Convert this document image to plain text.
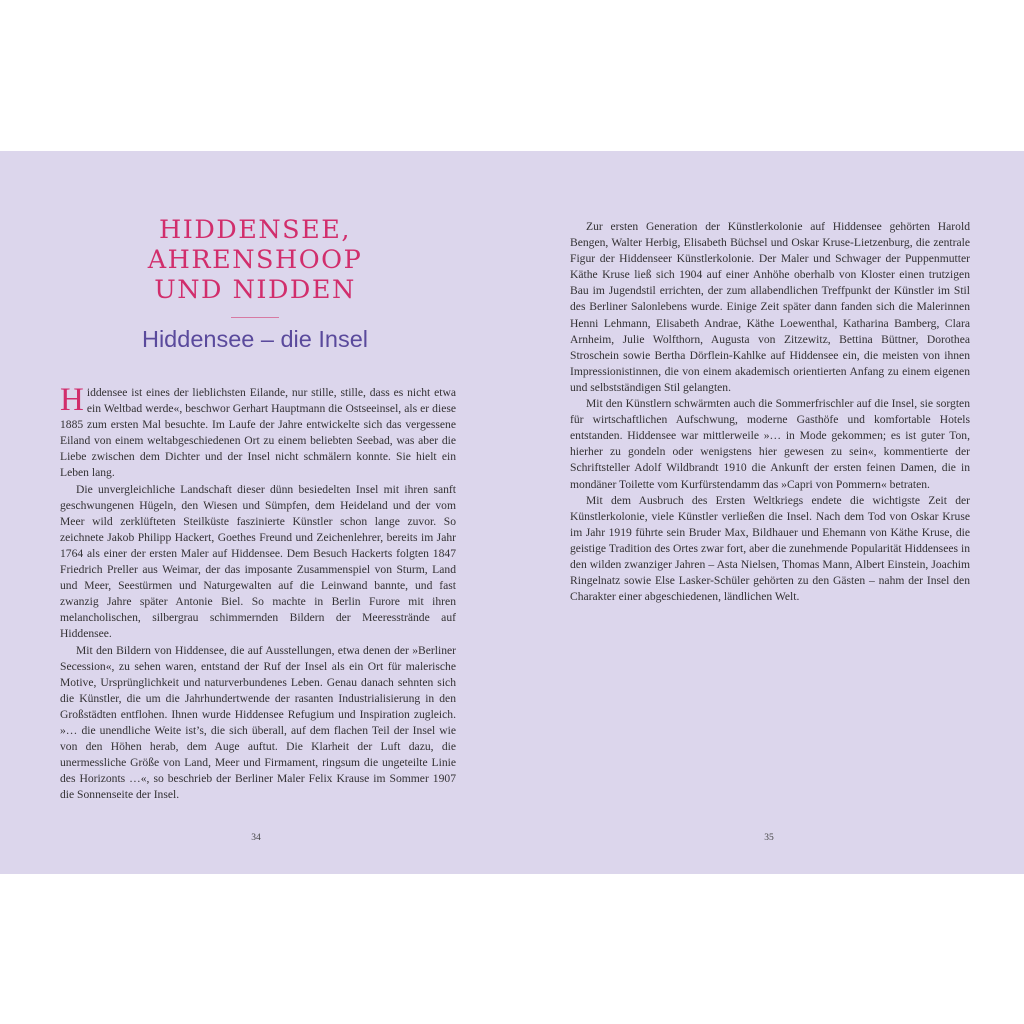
HIDDENSEE,
AHRENSHOOP
UND NIDDEN
Hiddensee – die Insel

Hiddensee ist eines der lieblichsten Eilande, nur stille, stille, dass es nicht etwa ein Weltbad werde«, beschwor Gerhart Hauptmann die Ostseeinsel, als er diese 1885 zum ersten Mal besuchte. Im Laufe der Jahre entwickelte sich das vergessene Eiland von einem weltabgeschiedenen Ort zu einem beliebten Seebad, was aber die Liebe zwischen dem Dichter und der Insel nicht schmälern konnte. Sie hielt ein Leben lang.

Die unvergleichliche Landschaft dieser dünn besiedelten Insel mit ihren sanft geschwungenen Hügeln, den Wiesen und Sümpfen, dem Heideland und der vom Meer wild zerklüfteten Steilküste faszinierte Künstler schon lange zuvor. So zeichnete Jakob Philipp Hackert, Goethes Freund und Zeichenlehrer, bereits im Jahr 1764 als einer der ersten Maler auf Hiddensee. Dem Besuch Hackerts folgten 1847 Friedrich Preller aus Weimar, der das imposante Zusammenspiel von Sturm, Land und Meer, Seestürmen und Naturgewalten auf die Leinwand bannte, und fast zwanzig Jahre später Antonie Biel. So machte in Berlin Furore mit ihren melancholischen, silbergrau schimmernden Bildern der Meeresstrände auf Hiddensee.

Mit den Bildern von Hiddensee, die auf Ausstellungen, etwa denen der »Berliner Secession«, zu sehen waren, entstand der Ruf der Insel als ein Ort für malerische Motive, Ursprünglichkeit und naturverbundenes Leben. Genau danach sehnten sich die Künstler, die um die Jahrhundertwende der rasanten Industrialisierung in den Großstädten entflohen. Ihnen wurde Hiddensee Refugium und Inspiration zugleich. »… die unendliche Weite ist’s, die sich überall, auf dem flachen Teil der Insel wie von den Höhen herab, dem Auge auftut. Die Klarheit der Luft dazu, die unermessliche Größe von Land, Meer und Firmament, ringsum die ungeteilte Linie des Horizonts …«, so beschrieb der Berliner Maler Felix Krause im Sommer 1907 die Sonnenseite der Insel.

34

Zur ersten Generation der Künstlerkolonie auf Hiddensee gehörten Harold Bengen, Walter Herbig, Elisabeth Büchsel und Oskar Kruse-Lietzenburg, die zentrale Figur der Hiddenseer Künstlerkolonie. Der Maler und Schwager der Puppenmutter Käthe Kruse ließ sich 1904 auf einer Anhöhe oberhalb von Kloster einen trutzigen Bau im Jugendstil errichten, der zum allabendlichen Treffpunkt der Künstler im Stil des Berliner Salonlebens wurde. Einige Zeit später dann fanden sich die Malerinnen Henni Lehmann, Elisabeth Andrae, Käthe Loewenthal, Katharina Bamberg, Clara Arnheim, Julie Wolfthorn, Augusta von Zitzewitz, Bettina Büttner, Dorothea Stroschein sowie Bertha Dörflein-Kahlke auf Hiddensee ein, die meisten von ihnen Impressionistinnen, die von einem akademisch orientierten Anfang zu einem eigenen und selbstständigen Stil gelangten.

Mit den Künstlern schwärmten auch die Sommerfrischler auf die Insel, sie sorgten für wirtschaftlichen Aufschwung, moderne Gasthöfe und komfortable Hotels entstanden. Hiddensee war mittlerweile »… in Mode gekommen; es ist guter Ton, hierher zu gondeln oder wenigstens hier gewesen zu sein«, kommentierte der Schriftsteller Adolf Wildbrandt 1910 die Ankunft der ersten feinen Damen, die in mondäner Toilette vom Kurfürstendamm das »Capri von Pommern« betraten.

Mit dem Ausbruch des Ersten Weltkriegs endete die wichtigste Zeit der Künstlerkolonie, viele Künstler verließen die Insel. Nach dem Tod von Oskar Kruse im Jahr 1919 führte sein Bruder Max, Bildhauer und Ehemann von Käthe Kruse, die geistige Tradition des Ortes zwar fort, aber die zunehmende Popularität Hiddensees in den wilden zwanziger Jahren – Asta Nielsen, Thomas Mann, Albert Einstein, Joachim Ringelnatz sowie Else Lasker-Schüler gehörten zu den Gästen – nahm der Insel den Charakter einer abgeschiedenen, ländlichen Welt.

35
